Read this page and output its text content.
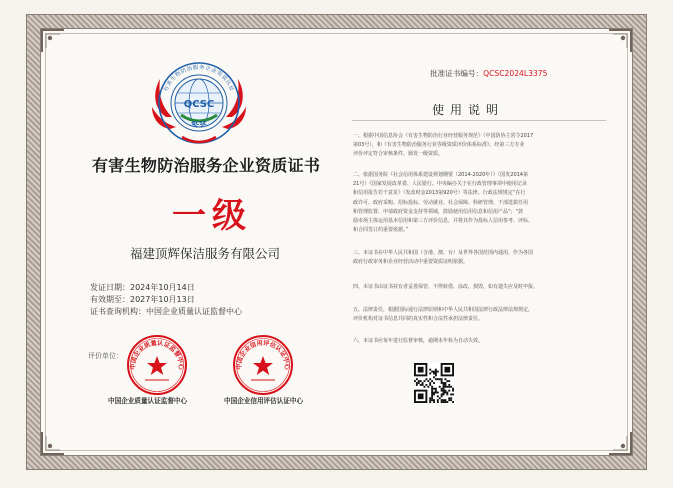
有害生物防治服务企业资质认证
QCSC
QCSC
有害生物防治服务企业资质证书
一级
福建顶辉保洁服务有限公司
发证日期：2024年10月14日
有效期至：2027年10月13日
证书查询机构：中国企业质量认证监督中心
评价单位：
中国企业质量认证监督中心	中国企业信用评估认证中心
中国企业质量认证监督中心	中国企业信用评估认证中心
批准证书编号：QCSC2024L3375
使用说明

一、根据中国信息协会《有害生物防治行业经营服务规范》（中国防协主常令2017

第03号），和《有害生物防治服务行业等级资质评价体系标准》，经第三方专业

评价评定符合审核条件，颁发一级资质。

二、依据国务院《社会信用体系建设规划纲要（2014-2020年）》（国发2014第

21号）《国家发展改革委、人民银行、中央编办关于在行政管理事项中使用记录

和信用报告若干意见》（发改财金2013第920号）等法律、行政法规规定“在行

政许可、政府采购、招标投标、劳动就业、社会保障、科研管理、干部选拔任用

和管理监督、申请政府资金支持等领域，鼓励使用信用信息和信用产品”；“鼓

励市场主体运用基本信用和第三方评价信息，并将其作为投标人信用参考、评标、

和合同签订的重要依据。”

三、本证书在中华人民共和国（含港、澳、台）及世界各国范围内通用，作为各国

政府行政审务和企业经营活动中重要资质证明依据。

四、本证书由证书持有者妥善保管，不得转借、涂改、损毁、如有遗失应及时申报。

五、法律责任，根据国际通行法律原则和中华人民共和国法律行政法律法规规定，

评价机构对证书信息共同的真实性和合法性承担法律责任。

六、本证书应每年进行监督审核，逾期未年检为自动失效。
